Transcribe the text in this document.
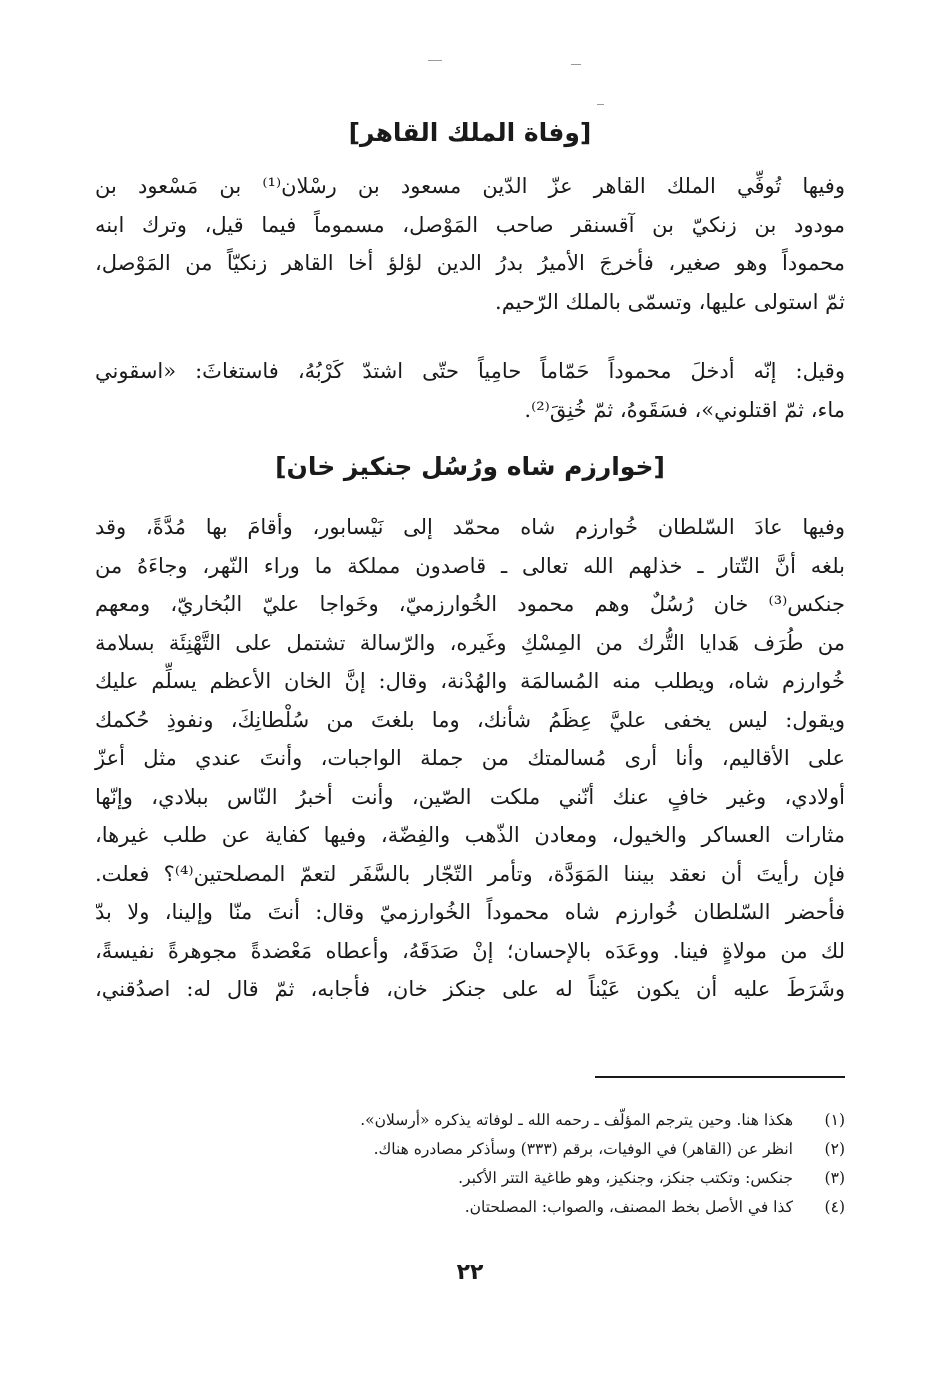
[وفاة الملك القاهر]
وفيها تُوفِّي الملك القاهر عزّ الدّين مسعود بن رسْلان⁽¹⁾ بن مَسْعود بن
مودود بن زنكيّ بن آقسنقر صاحب المَوْصل، مسموماً فيما قيل، وترك ابنه
محموداً وهو صغير، فأخرجَ الأميرُ بدرُ الدين لؤلؤ أخا القاهر زنكيّاً من المَوْصل،
ثمّ استولى عليها، وتسمّى بالملك الرّحيم.
وقيل: إنّه أدخلَ محموداً حَمّاماً حامِياً حتّى اشتدّ كَرْبُهُ، فاستغاثَ: «اسقوني
ماء، ثمّ اقتلوني»، فسَقَوهُ، ثمّ خُنِقَ⁽²⁾.
[خوارزم شاه ورُسُل جنكيز خان]
وفيها عادَ السّلطان خُوارزم شاه محمّد إلى نَيْسابور، وأقامَ بها مُدَّةً، وقد
بلغه أنَّ التّتار ـ خذلهم الله تعالى ـ قاصدون مملكة ما وراء النّهر، وجاءَهُ من
جنكس⁽³⁾ خان رُسُلٌ وهم محمود الخُوارزميّ، وخَواجا عليّ البُخاريّ، ومعهم
من طُرَف هَدايا التُّرك من المِسْكِ وغَيره، والرّسالة تشتمل على التَّهْنِئَة بسلامة
خُوارزم شاه، ويطلب منه المُسالمَة والهُدْنة، وقال: إنَّ الخان الأعظم يسلِّم عليك
ويقول: ليس يخفى عليَّ عِظَمُ شأنك، وما بلغتَ من سُلْطانِكَ، ونفوذِ حُكمك
على الأقاليم، وأنا أرى مُسالمتك من جملة الواجبات، وأنتَ عندي مثل أعزّ
أولادي، وغير خافٍ عنك أنّني ملكت الصّين، وأنت أخبرُ النّاس ببلادي، وإنّها
مثارات العساكر والخيول، ومعادن الذّهب والفِضّة، وفيها كفاية عن طلب غيرها،
فإن رأيتَ أن نعقد بيننا المَوَدَّة، وتأمر التّجّار بالسَّفَر لتعمّ المصلحتين⁽⁴⁾؟ فعلت.
فأحضر السّلطان خُوارزم شاه محموداً الخُوارزميّ وقال: أنتَ منّا وإلينا، ولا بدّ
لك من مولاةٍ فينا. ووعَدَه بالإحسان؛ إنْ صَدَقَهُ، وأعطاه مَعْضدةً مجوهرةً نفيسةً،
وشَرَطَ عليه أن يكون عَيْناً له على جنكز خان، فأجابه، ثمّ قال له: اصدُقني،
(١)
هكذا هنا. وحين يترجم المؤلّف ـ رحمه الله ـ لوفاته يذكره «أرسلان».
(٢)
انظر عن (القاهر) في الوفيات، برقم (٣٣٣) وسأذكر مصادره هناك.
(٣)
جنكس: وتكتب جنكز، وجنكيز، وهو طاغية التتر الأكبر.
(٤)
كذا في الأصل بخط المصنف، والصواب: المصلحتان.
٢٢
